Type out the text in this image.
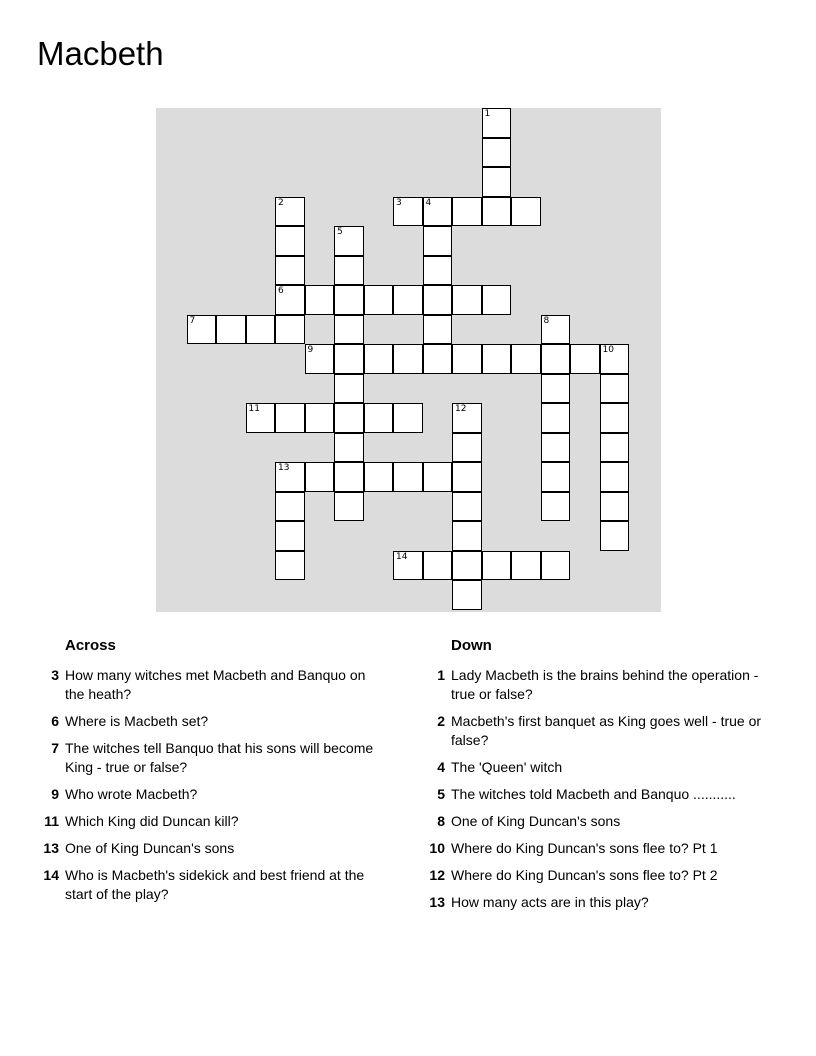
Macbeth
1
2	3	4
5
6
7	8
9	10
11	12
13
14
Across
3 How many witches met Macbeth and Banquo on the heath?
6 Where is Macbeth set?
7 The witches tell Banquo that his sons will become King - true or false?
9 Who wrote Macbeth?
11 Which King did Duncan kill?
13 One of King Duncan's sons
14 Who is Macbeth's sidekick and best friend at the start of the play?
Down
1 Lady Macbeth is the brains behind the operation - true or false?
2 Macbeth's first banquet as King goes well - true or false?
4 The 'Queen' witch
5 The witches told Macbeth and Banquo ...........
8 One of King Duncan's sons
10 Where do King Duncan's sons flee to? Pt 1
12 Where do King Duncan's sons flee to? Pt 2
13 How many acts are in this play?
